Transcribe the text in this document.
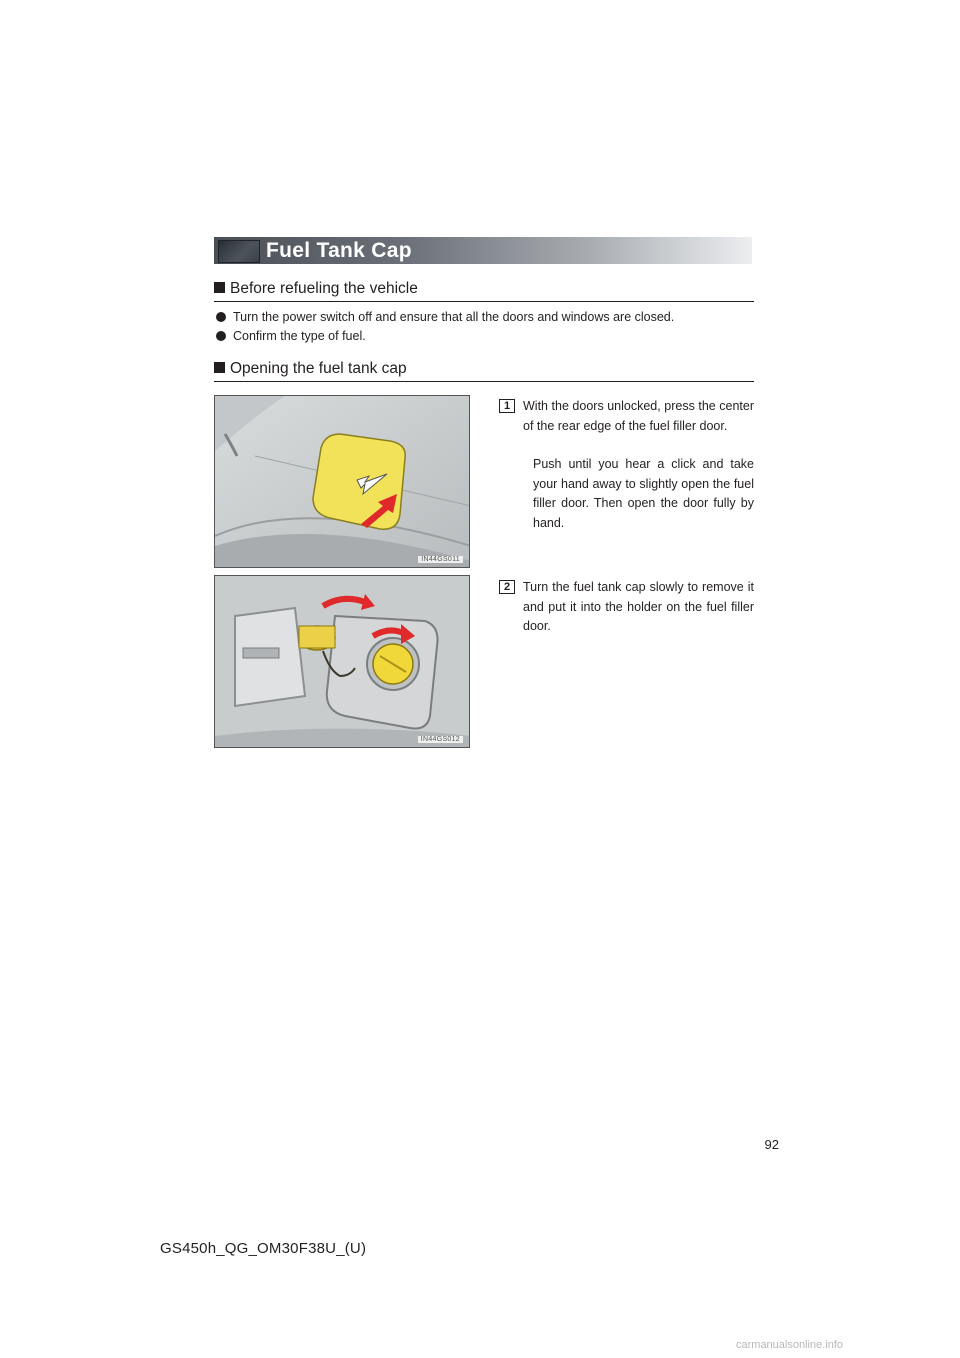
Fuel Tank Cap
Before refueling the vehicle
Turn the power switch off and ensure that all the doors and windows are closed.
Confirm the type of fuel.
Opening the fuel tank cap
IN44GS011
1	With the doors unlocked, press the center of the rear edge of the fuel filler door.
Push until you hear a click and take your hand away to slightly open the fuel filler door. Then open the door fully by hand.
IN44GS012
2	Turn the fuel tank cap slowly to remove it and put it into the holder on the fuel filler door.
92
GS450h_QG_OM30F38U_(U)
carmanualsonline.info
